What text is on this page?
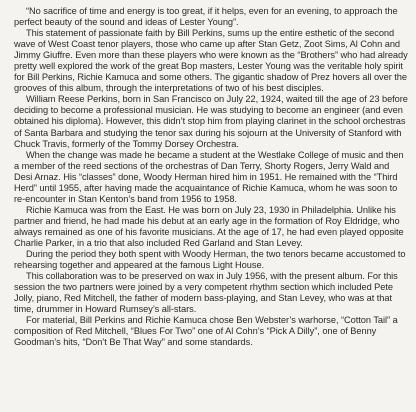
“No sacrifice of time and energy is too great, if it helps, even for an evening, to approach the perfect beauty of the sound and ideas of Lester Young”.

This statement of passionate faith by Bill Perkins, sums up the entire esthetic of the second wave of West Coast tenor players, those who came up after Stan Getz, Zoot Sims, Al Cohn and Jimmy Giuffre. Even more than these players who were known as the “Brothers” who had already pretty well explored the work of the great Bop masters, Lester Young was the veritable holy spirit for Bill Perkins, Richie Kamuca and some others. The gigantic shadow of Prez hovers all over the grooves of this album, through the interpretations of two of his best disciples.

William Reese Perkins, born in San Francisco on July 22, 1924, waited till the age of 23 before deciding to become a professional musician. He was studying to become an engineer (and even obtained his diploma). However, this didn’t stop him from playing clarinet in the school orchestras of Santa Barbara and studying the tenor sax during his sojourn at the University of Stanford with Chuck Travis, formerly of the Tommy Dorsey Orchestra.

When the change was made he became a student at the Westlake College of music and then a member of the reed sections of the orchestras of Dan Terry, Shorty Rogers, Jerry Wald and Desi Arnaz. His “classes” done, Woody Herman hired him in 1951. He remained with the “Third Herd” until 1955, after having made the acquaintance of Richie Kamuca, whom he was soon to re-encounter in Stan Kenton’s band from 1956 to 1958.

Richie Kamuca was from the East. He was born on July 23, 1930 in Philadelphia. Unlike his partner and friend, he had made his debut at an early age in the formation of Roy Eldridge, who always remained as one of his favorite musicians. At the age of 17, he had even played opposite Charlie Parker, in a trio that also included Red Garland and Stan Levey.

During the period they both spent with Woody Herman, the two tenors became accustomed to rehearsing together and appeared at the famous Light House.

This collaboration was to be preserved on wax in July 1956, with the present album. For this session the two partners were joined by a very competent rhythm section which included Pete Jolly, piano, Red Mitchell, the father of modern bass-playing, and Stan Levey, who was at that time, drummer in Howard Rumsey’s all-stars.

For material, Bill Perkins and Richie Kamuca chose Ben Webster’s warhorse, “Cotton Tail” a composition of Red Mitchell, “Blues For Two” one of Al Cohn’s “Pick A Dilly”, one of Benny Goodman’s hits, “Don’t Be That Way” and some standards.
